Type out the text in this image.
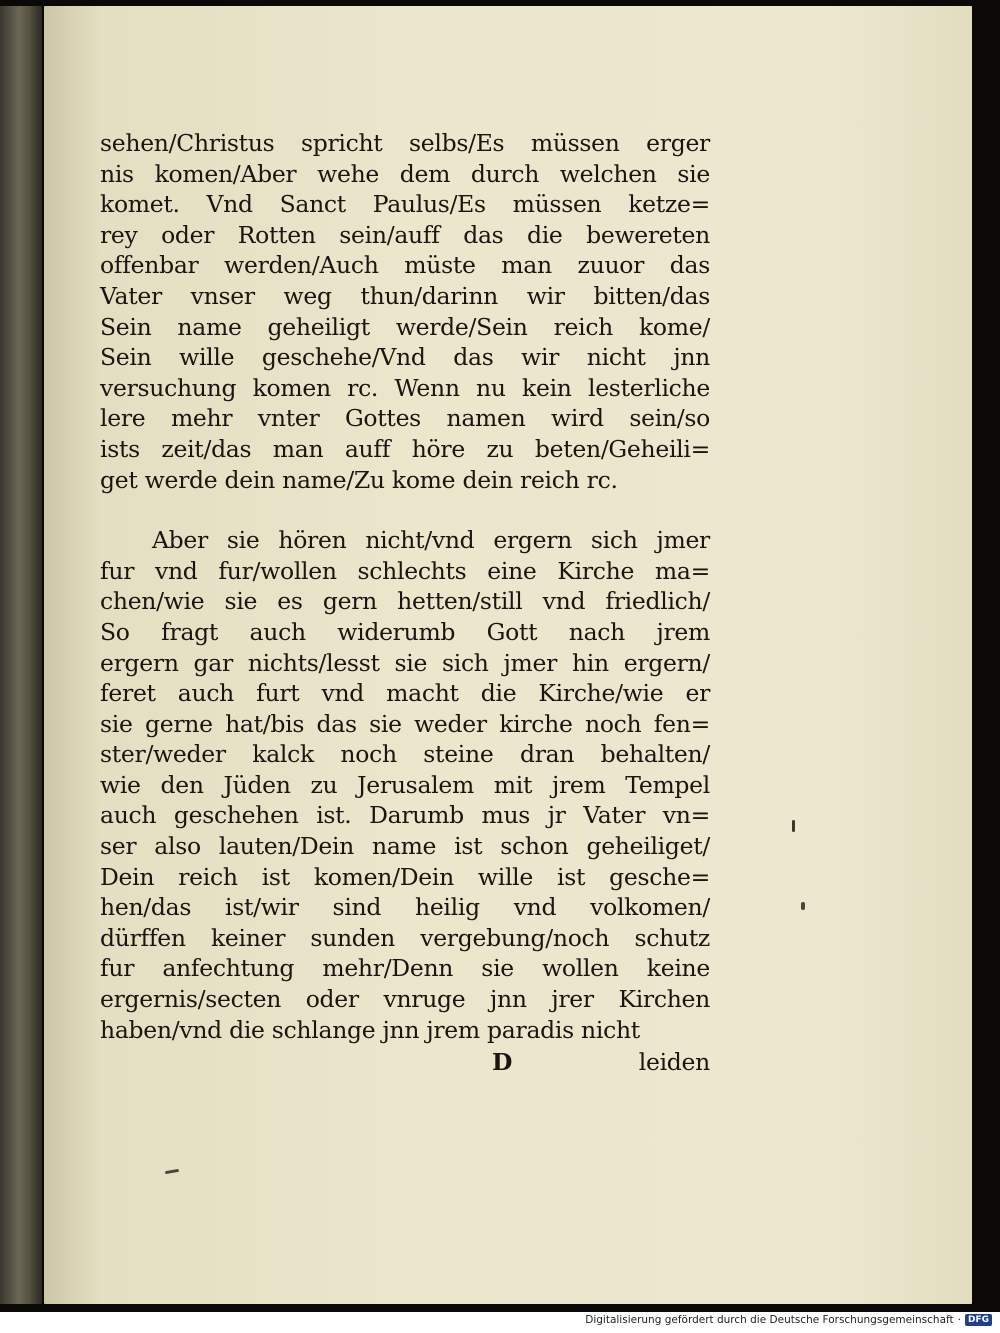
sehen/Christus spricht selbs/Es müssen erger
nis komen/Aber wehe dem durch welchen sie
komet. Vnd Sanct Paulus/Es müssen ketze=
rey oder Rotten sein/auff das die bewereten
offenbar werden/Auch müste man zuuor das
Vater vnser weg thun/darinn wir bitten/das
Sein name geheiligt werde/Sein reich kome/
Sein wille geschehe/Vnd das wir nicht jnn
versuchung komen rc. Wenn nu kein lesterliche
lere mehr vnter Gottes namen wird sein/so
ists zeit/das man auff höre zu beten/Geheili=
get werde dein name/Zu kome dein reich rc.
Aber sie hören nicht/vnd ergern sich jmer
fur vnd fur/wollen schlechts eine Kirche ma=
chen/wie sie es gern hetten/still vnd friedlich/
So fragt auch widerumb Gott nach jrem
ergern gar nichts/lesst sie sich jmer hin ergern/
feret auch furt vnd macht die Kirche/wie er
sie gerne hat/bis das sie weder kirche noch fen=
ster/weder kalck noch steine dran behalten/
wie den Jüden zu Jerusalem mit jrem Tempel
auch geschehen ist. Darumb mus jr Vater vn=
ser also lauten/Dein name ist schon geheiliget/
Dein reich ist komen/Dein wille ist gesche=
hen/das ist/wir sind heilig vnd volkomen/
dürffen keiner sunden vergebung/noch schutz
fur anfechtung mehr/Denn sie wollen keine
ergernis/secten oder vnruge jnn jrer Kirchen
haben/vnd die schlange jnn jrem paradis nicht
D	leiden
Digitalisierung gefördert durch die Deutsche Forschungsgemeinschaft · DFG
